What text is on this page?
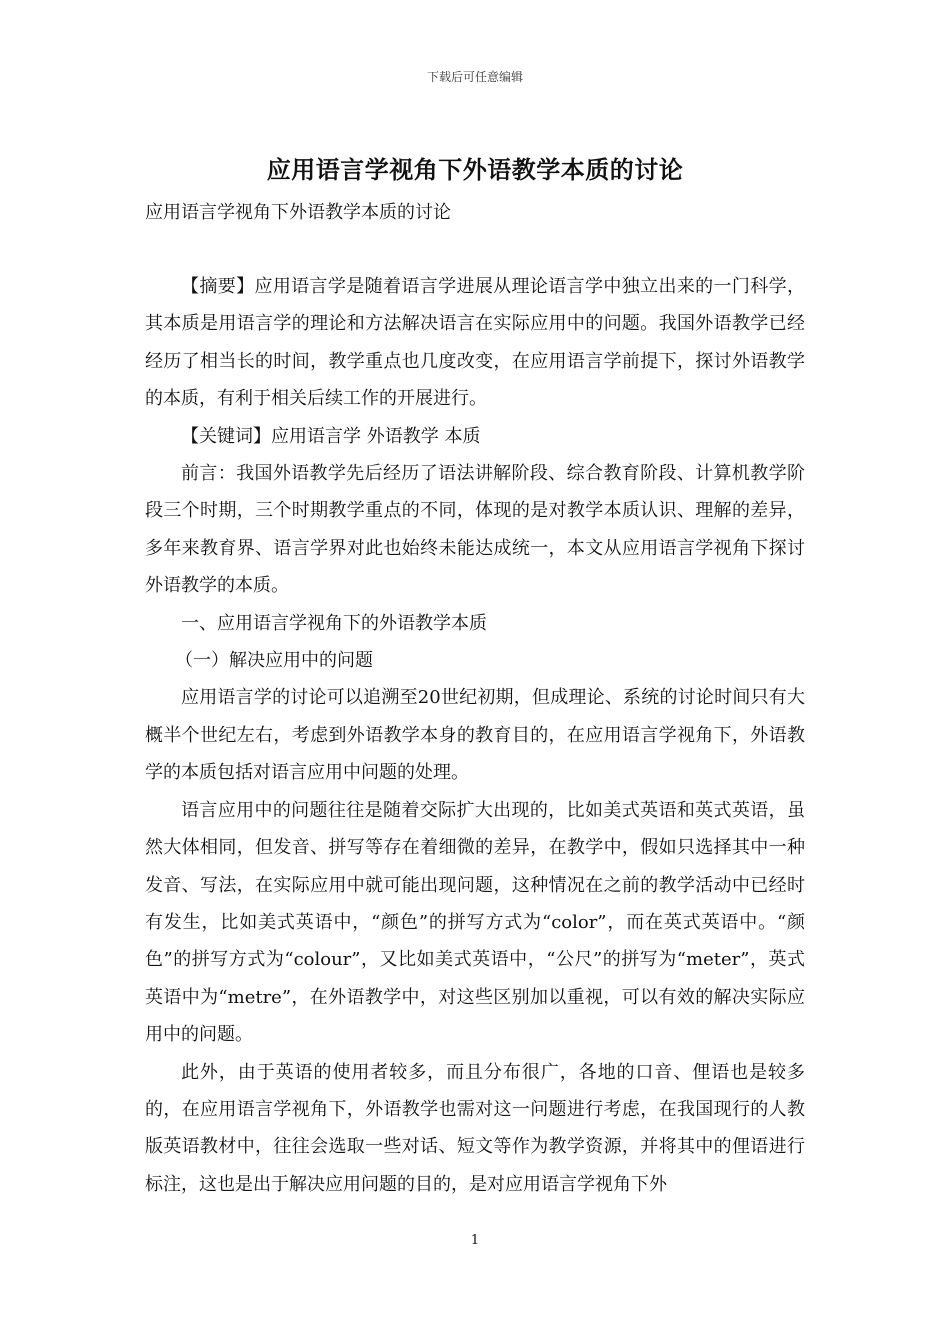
下载后可任意编辑
应用语言学视角下外语教学本质的讨论
应用语言学视角下外语教学本质的讨论

【摘要】应用语言学是随着语言学进展从理论语言学中独立出来的一门科学，其本质是用语言学的理论和方法解决语言在实际应用中的问题。我国外语教学已经经历了相当长的时间，教学重点也几度改变，在应用语言学前提下，探讨外语教学的本质，有利于相关后续工作的开展进行。

【关键词】应用语言学 外语教学 本质

前言：我国外语教学先后经历了语法讲解阶段、综合教育阶段、计算机教学阶段三个时期，三个时期教学重点的不同，体现的是对教学本质认识、理解的差异，多年来教育界、语言学界对此也始终未能达成统一，本文从应用语言学视角下探讨外语教学的本质。

一、应用语言学视角下的外语教学本质

（一）解决应用中的问题

应用语言学的讨论可以追溯至20世纪初期，但成理论、系统的讨论时间只有大概半个世纪左右，考虑到外语教学本身的教育目的，在应用语言学视角下，外语教学的本质包括对语言应用中问题的处理。

语言应用中的问题往往是随着交际扩大出现的，比如美式英语和英式英语，虽然大体相同，但发音、拼写等存在着细微的差异，在教学中，假如只选择其中一种发音、写法，在实际应用中就可能出现问题，这种情况在之前的教学活动中已经时有发生，比如美式英语中，“颜色”的拼写方式为“color”，而在英式英语中。“颜色”的拼写方式为“colour”，又比如美式英语中，“公尺”的拼写为“meter”，英式英语中为“metre”，在外语教学中，对这些区别加以重视，可以有效的解决实际应用中的问题。

此外，由于英语的使用者较多，而且分布很广，各地的口音、俚语也是较多的，在应用语言学视角下，外语教学也需对这一问题进行考虑，在我国现行的人教版英语教材中，往往会选取一些对话、短文等作为教学资源，并将其中的俚语进行标注，这也是出于解决应用问题的目的，是对应用语言学视角下外

1
